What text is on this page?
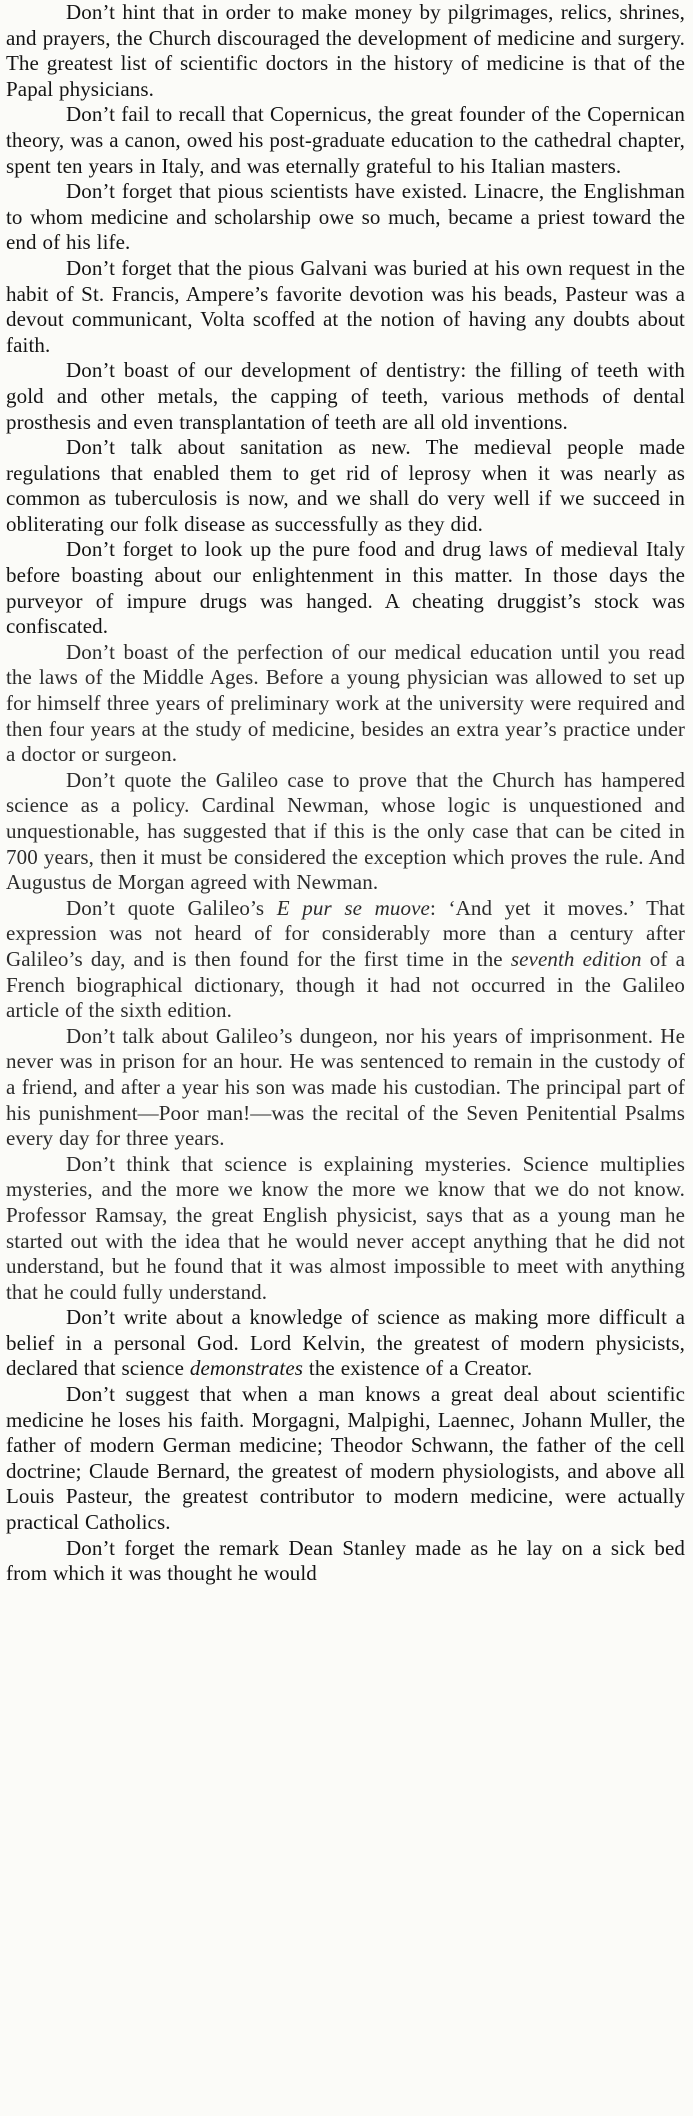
Don’t hint that in order to make money by pilgrimages, relics, shrines, and prayers, the Church discouraged the development of medicine and surgery. The greatest list of scientific doctors in the history of medicine is that of the Papal physicians.

Don’t fail to recall that Copernicus, the great founder of the Copernican theory, was a canon, owed his post-graduate education to the cathedral chapter, spent ten years in Italy, and was eternally grateful to his Italian masters.

Don’t forget that pious scientists have existed. Linacre, the Englishman to whom medicine and scholarship owe so much, became a priest toward the end of his life.

Don’t forget that the pious Galvani was buried at his own request in the habit of St. Francis, Ampere’s favorite devotion was his beads, Pasteur was a devout communicant, Volta scoffed at the notion of having any doubts about faith.

Don’t boast of our development of dentistry: the filling of teeth with gold and other metals, the capping of teeth, various methods of dental prosthesis and even transplantation of teeth are all old inventions.

Don’t talk about sanitation as new. The medieval people made regulations that enabled them to get rid of leprosy when it was nearly as common as tuberculosis is now, and we shall do very well if we succeed in obliterating our folk disease as successfully as they did.

Don’t forget to look up the pure food and drug laws of medieval Italy before boasting about our enlightenment in this matter. In those days the purveyor of impure drugs was hanged. A cheating druggist’s stock was confiscated.

Don’t boast of the perfection of our medical education until you read the laws of the Middle Ages. Before a young physician was allowed to set up for himself three years of preliminary work at the university were required and then four years at the study of medicine, besides an extra year’s practice under a doctor or surgeon.

Don’t quote the Galileo case to prove that the Church has hampered science as a policy. Cardinal Newman, whose logic is unquestioned and unquestionable, has suggested that if this is the only case that can be cited in 700 years, then it must be considered the exception which proves the rule. And Augustus de Morgan agreed with Newman.

Don’t quote Galileo’s E pur se muove: ‘And yet it moves.’ That expression was not heard of for considerably more than a century after Galileo’s day, and is then found for the first time in the seventh edition of a French biographical dictionary, though it had not occurred in the Galileo article of the sixth edition.

Don’t talk about Galileo’s dungeon, nor his years of imprisonment. He never was in prison for an hour. He was sentenced to remain in the custody of a friend, and after a year his son was made his custodian. The principal part of his punishment—Poor man!—was the recital of the Seven Penitential Psalms every day for three years.

Don’t think that science is explaining mysteries. Science multiplies mysteries, and the more we know the more we know that we do not know. Professor Ramsay, the great English physicist, says that as a young man he started out with the idea that he would never accept anything that he did not understand, but he found that it was almost impossible to meet with anything that he could fully understand.

Don’t write about a knowledge of science as making more difficult a belief in a personal God. Lord Kelvin, the greatest of modern physicists, declared that science demonstrates the existence of a Creator.

Don’t suggest that when a man knows a great deal about scientific medicine he loses his faith. Morgagni, Malpighi, Laennec, Johann Muller, the father of modern German medicine; Theodor Schwann, the father of the cell doctrine; Claude Bernard, the greatest of modern physiologists, and above all Louis Pasteur, the greatest contributor to modern medicine, were actually practical Catholics.

Don’t forget the remark Dean Stanley made as he lay on a sick bed from which it was thought he would
